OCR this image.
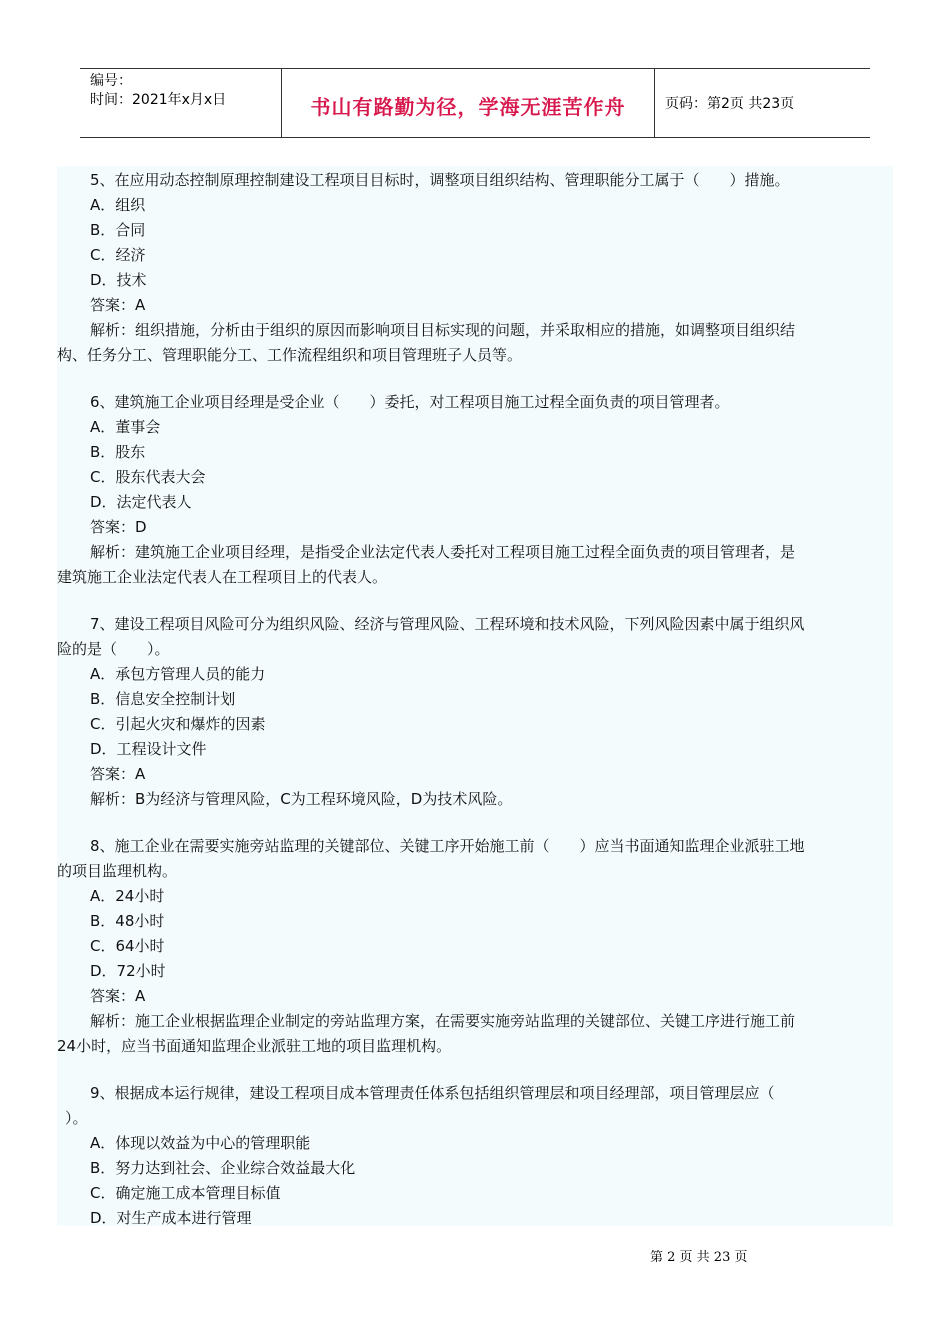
编号：
时间：2021年x月x日	书山有路勤为径，学海无涯苦作舟	页码：第2页 共23页

5、在应用动态控制原理控制建设工程项目目标时，调整项目组织结构、管理职能分工属于（　　）措施。

A．组织

B．合同

C．经济

D．技术

答案：A

解析：组织措施，分析由于组织的原因而影响项目目标实现的问题，并采取相应的措施，如调整项目组织结

构、任务分工、管理职能分工、工作流程组织和项目管理班子人员等。

6、建筑施工企业项目经理是受企业（　　）委托，对工程项目施工过程全面负责的项目管理者。

A．董事会

B．股东

C．股东代表大会

D．法定代表人

答案：D

解析：建筑施工企业项目经理，是指受企业法定代表人委托对工程项目施工过程全面负责的项目管理者，是

建筑施工企业法定代表人在工程项目上的代表人。

7、建设工程项目风险可分为组织风险、经济与管理风险、工程环境和技术风险，下列风险因素中属于组织风

险的是（　　）。

A．承包方管理人员的能力

B．信息安全控制计划

C．引起火灾和爆炸的因素

D．工程设计文件

答案：A

解析：B为经济与管理风险，C为工程环境风险，D为技术风险。

8、施工企业在需要实施旁站监理的关键部位、关键工序开始施工前（　　）应当书面通知监理企业派驻工地

的项目监理机构。

A．24小时

B．48小时

C．64小时

D．72小时

答案：A

解析：施工企业根据监理企业制定的旁站监理方案，在需要实施旁站监理的关键部位、关键工序进行施工前

24小时，应当书面通知监理企业派驻工地的项目监理机构。

9、根据成本运行规律，建设工程项目成本管理责任体系包括组织管理层和项目经理部，项目管理层应（

）。

A．体现以效益为中心的管理职能

B．努力达到社会、企业综合效益最大化

C．确定施工成本管理目标值

D．对生产成本进行管理

第 2 页 共 23 页
